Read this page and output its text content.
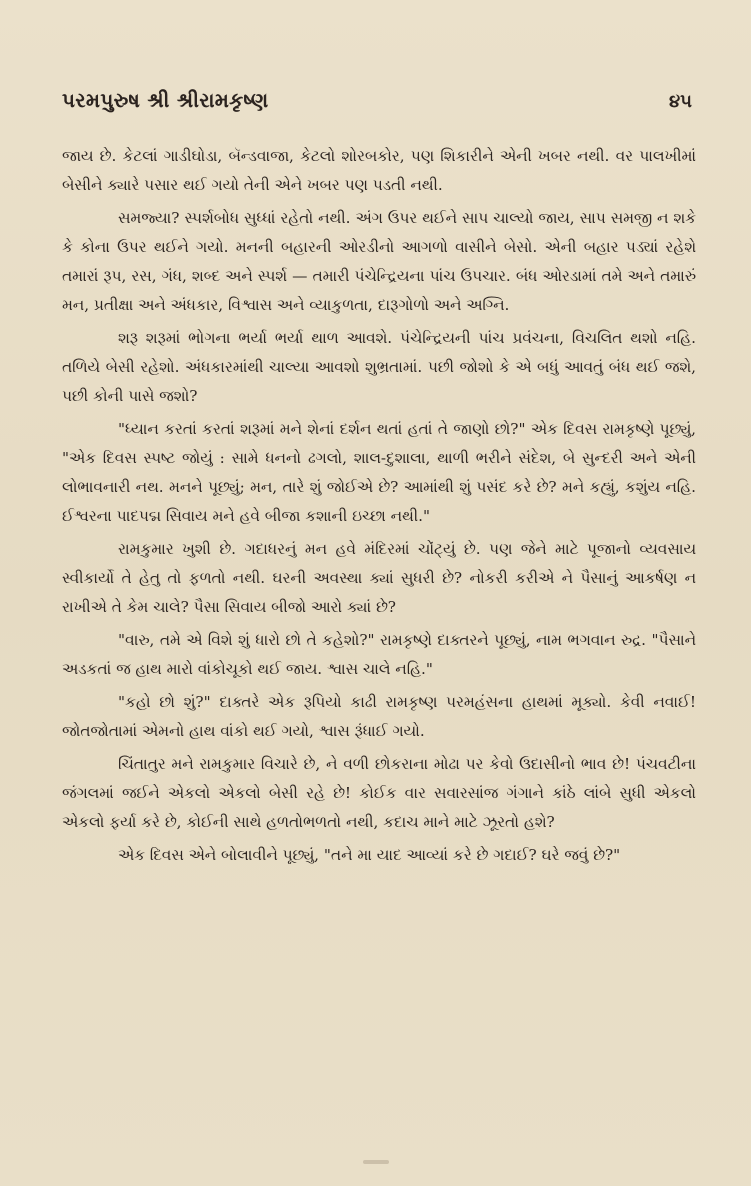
પરમપુરુષ શ્રી શ્રીરામકૃષ્ણ	૪૫

જાય છે. કેટલાં ગાડીઘોડા, બૅન્ડવાજા, કેટલો શોરબકોર, પણ શિકારીને એની ખબર નથી. વર પાલખીમાં બેસીને ક્યારે પસાર થઈ ગયો તેની એને ખબર પણ પડતી નથી.

સમજ્યા? સ્પર્શબોધ સુધ્ધાં રહેતો નથી. અંગ ઉપર થઈને સાપ ચાલ્યો જાય, સાપ સમજી ન શકે કે કોના ઉપર થઈને ગયો. મનની બહારની ઓરડીનો આગળો વાસીને બેસો. એની બહાર પડ્યાં રહેશે તમારાં રૂપ, રસ, ગંધ, શબ્દ અને સ્પર્શ — તમારી પંચેન્દ્રિયના પાંચ ઉપચાર. બંધ ઓરડામાં તમે અને તમારું મન, પ્રતીક્ષા અને અંધકાર, વિશ્વાસ અને વ્યાકુળતા, દારૂગોળો અને અગ્નિ.

શરૂ શરૂમાં ભોગના ભર્યા ભર્યા થાળ આવશે. પંચેન્દ્રિયની પાંચ પ્રવંચના, વિચલિત થશો નહિ. તળિયે બેસી રહેશો. અંધકારમાંથી ચાલ્યા આવશો શુભ્રતામાં. પછી જોશો કે એ બધું આવતું બંધ થઈ જશે, પછી કોની પાસે જશો?

"ધ્યાન કરતાં કરતાં શરૂમાં મને શેનાં દર્શન થતાં હતાં તે જાણો છો?" એક દિવસ રામકૃષ્ણે પૂછ્યું, "એક દિવસ સ્પષ્ટ જોયું : સામે ધનનો ઢગલો, શાલ-દુશાલા, થાળી ભરીને સંદેશ, બે સુન્દરી અને એની લોભાવનારી નથ. મનને પૂછ્યું; મન, તારે શું જોઈએ છે? આમાંથી શું પસંદ કરે છે? મને કહ્યું, કશુંય નહિ. ઈશ્વરના પાદપદ્મ સિવાય મને હવે બીજા કશાની ઇચ્છા નથી."

રામકુમાર ખુશી છે. ગદાધરનું મન હવે મંદિરમાં ચોંટ્યું છે. પણ જેને માટે પૂજાનો વ્યવસાય સ્વીકાર્યો તે હેતુ તો ફળતો નથી. ઘરની અવસ્થા ક્યાં સુધરી છે? નોકરી કરીએ ને પૈસાનું આકર્ષણ ન રાખીએ તે કેમ ચાલે? પૈસા સિવાય બીજો આરો ક્યાં છે?

"વારુ, તમે એ વિશે શું ધારો છો તે કહેશો?" રામકૃષ્ણે દાક્તરને પૂછ્યું, નામ ભગવાન રુદ્ર. "પૈસાને અડકતાં જ હાથ મારો વાંકોચૂકો થઈ જાય. શ્વાસ ચાલે નહિ."

"કહો છો શું?" દાક્તરે એક રૂપિયો કાઢી રામકૃષ્ણ પરમહંસના હાથમાં મૂક્યો. કેવી નવાઈ! જોતજોતામાં એમનો હાથ વાંકો થઈ ગયો, શ્વાસ રૂંધાઈ ગયો.

ચિંતાતુર મને રામકુમાર વિચારે છે, ને વળી છોકરાના મોઢા પર કેવો ઉદાસીનો ભાવ છે! પંચવટીના જંગલમાં જઈને એકલો એકલો બેસી રહે છે! કોઈક વાર સવારસાંજ ગંગાને કાંઠે લાંબે સુધી એકલો એકલો ફર્યા કરે છે, કોઈની સાથે હળતોભળતો નથી, કદાચ માને માટે ઝૂરતો હશે?

એક દિવસ એને બોલાવીને પૂછ્યું, "તને મા યાદ આવ્યાં કરે છે ગદાઈ? ઘરે જવું છે?"
